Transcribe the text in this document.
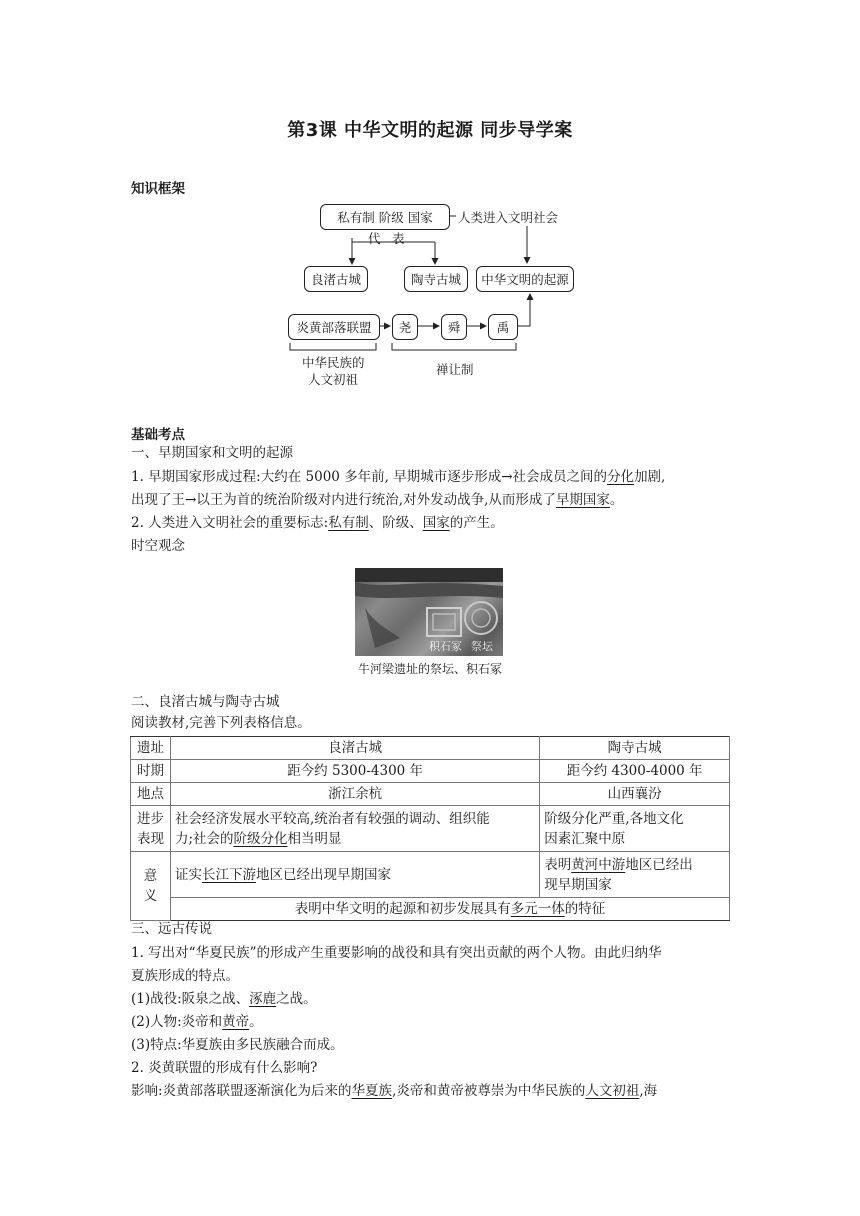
第3课 中华文明的起源 同步导学案
知识框架
私有制 阶级 国家	人类进入文明社会
代 表
良渚古城	陶寺古城	中华文明的起源
炎黄部落联盟	尧	舜	禹
中华民族的
人文初祖
禅让制
基础考点
一、早期国家和文明的起源
1. 早期国家形成过程:大约在 5000 多年前, 早期城市逐步形成→社会成员之间的分化加剧,
出现了王→以王为首的统治阶级对内进行统治,对外发动战争,从而形成了早期国家。
2. 人类进入文明社会的重要标志:私有制、阶级、国家的产生。
时空观念
积石冢 祭坛
牛河梁遗址的祭坛、积石冢
二、良渚古城与陶寺古城
阅读教材,完善下列表格信息。
遗址	良渚古城	陶寺古城
时期	距今约 5300-4300 年	距今约 4300-4000 年
地点	浙江余杭	山西襄汾
进步
表现	社会经济发展水平较高,统治者有较强的调动、组织能
力;社会的阶级分化相当明显	阶级分化严重,各地文化
因素汇聚中原
意
义	证实长江下游地区已经出现早期国家	表明黄河中游地区已经出
现早期国家
	表明中华文明的起源和初步发展具有多元一体的特征	
三、远古传说
1. 写出对“华夏民族”的形成产生重要影响的战役和具有突出贡献的两个人物。由此归纳华
夏族形成的特点。
(1)战役:阪泉之战、涿鹿之战。
(2)人物:炎帝和黄帝。
(3)特点:华夏族由多民族融合而成。
2. 炎黄联盟的形成有什么影响?
影响:炎黄部落联盟逐渐演化为后来的华夏族,炎帝和黄帝被尊崇为中华民族的人文初祖,海
